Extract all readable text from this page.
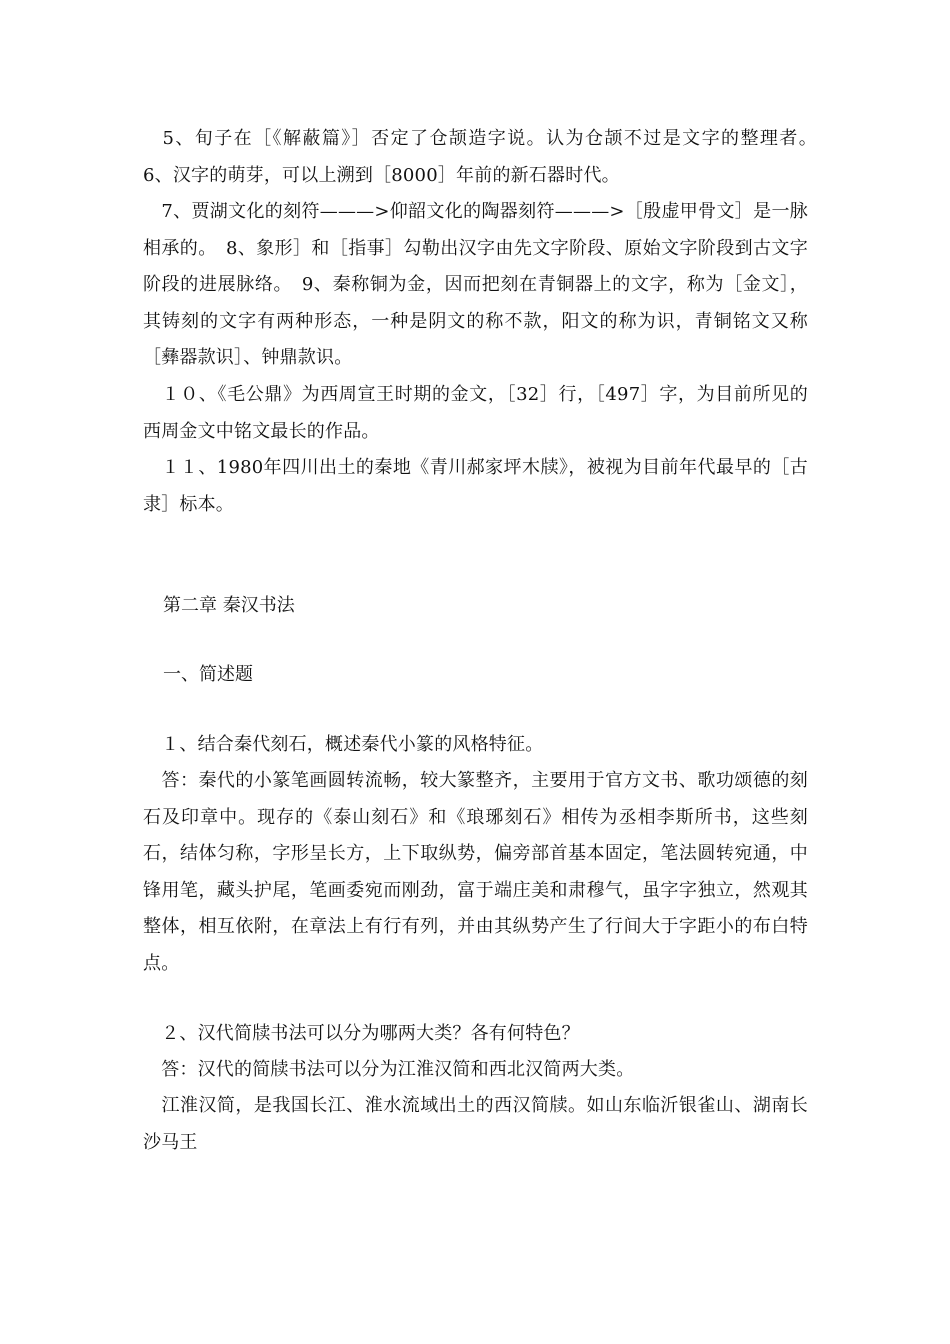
　5、旬子在［《解蔽篇》］否定了仓颉造字说。认为仓颉不过是文字的整理者。　6、汉字的萌芽，可以上溯到［8000］年前的新石器时代。

　7、贾湖文化的刻符———>仰韶文化的陶器刻符———>［殷虚甲骨文］是一脉相承的。　8、象形］和［指事］勾勒出汉字由先文字阶段、原始文字阶段到古文字阶段的进展脉络。　9、秦称铜为金，因而把刻在青铜器上的文字，称为［金文］，其铸刻的文字有两种形态，一种是阴文的称不款，阳文的称为识，青铜铭文又称［彝器款识］、钟鼎款识。

　１０、《毛公鼎》为西周宣王时期的金文，［32］行，［497］字，为目前所见的西周金文中铭文最长的作品。

　１１、1980年四川出土的秦地《青川郝家坪木牍》，被视为目前年代最早的［古隶］标本。

第二章 秦汉书法
一、简述题

　１、结合秦代刻石，概述秦代小篆的风格特征。

　答：秦代的小篆笔画圆转流畅，较大篆整齐，主要用于官方文书、歌功颂德的刻石及印章中。现存的《泰山刻石》和《琅琊刻石》相传为丞相李斯所书，这些刻石，结体匀称，字形呈长方，上下取纵势，偏旁部首基本固定，笔法圆转宛通，中锋用笔，藏头护尾，笔画委宛而刚劲，富于端庄美和肃穆气，虽字字独立，然观其整体，相互依附，在章法上有行有列，并由其纵势产生了行间大于字距小的布白特点。

　２、汉代简牍书法可以分为哪两大类？各有何特色？

　答：汉代的简牍书法可以分为江淮汉简和西北汉简两大类。

　江淮汉简，是我国长江、淮水流域出土的西汉简牍。如山东临沂银雀山、湖南长沙马王
